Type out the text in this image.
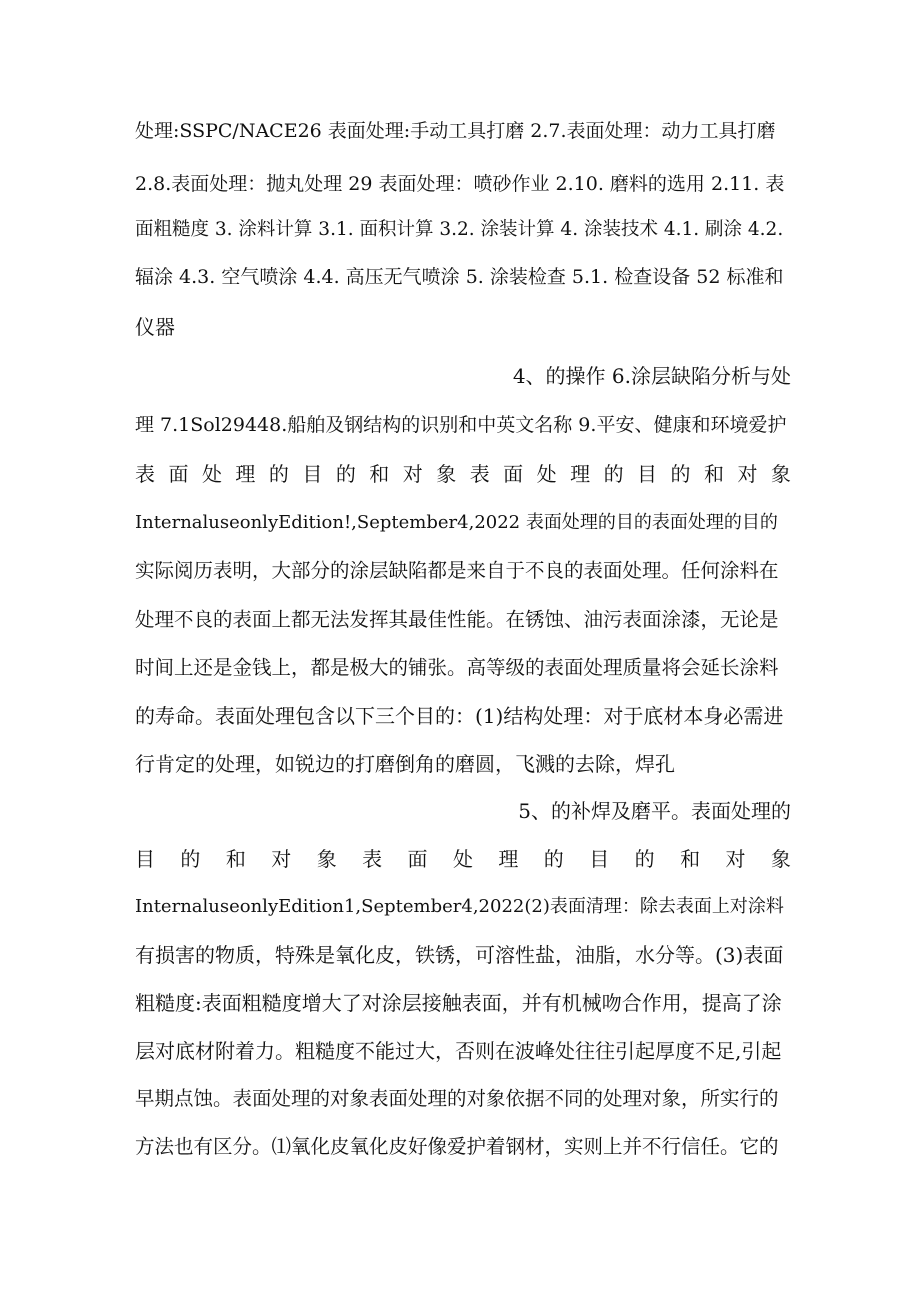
处理:SSPC/NACE26 表面处理:手动工具打磨 2.7.表面处理：动力工具打磨
2.8.表面处理：抛丸处理 29 表面处理：喷砂作业 2.10. 磨料的选用 2.11. 表
面粗糙度 3. 涂料计算 3.1. 面积计算 3.2. 涂装计算 4. 涂装技术 4.1. 刷涂 4.2.
辐涂 4.3. 空气喷涂 4.4. 高压无气喷涂 5. 涂装检查 5.1. 检查设备 52 标准和
仪器
4、的操作 6.涂层缺陷分析与处
理 7.1Sol29448.船舶及钢结构的识别和中英文名称 9.平安、健康和环境爱护
表 面 处 理 的 目 的 和 对 象 表 面 处 理 的 目 的 和 对 象
InternaluseonlyEdition!,September4,2022 表面处理的目的表面处理的目的
实际阅历表明，大部分的涂层缺陷都是来自于不良的表面处理。任何涂料在
处理不良的表面上都无法发挥其最佳性能。在锈蚀、油污表面涂漆，无论是
时间上还是金钱上，都是极大的铺张。高等级的表面处理质量将会延长涂料
的寿命。表面处理包含以下三个目的：(1)结构处理：对于底材本身必需进
行肯定的处理，如锐边的打磨倒角的磨圆，飞溅的去除，焊孔
5、的补焊及磨平。表面处理的
目 的 和 对 象 表 面 处 理 的 目 的 和 对 象
InternaluseonlyEdition1,September4,2022(2)表面清理：除去表面上对涂料
有损害的物质，特殊是氧化皮，铁锈，可溶性盐，油脂，水分等。(3)表面
粗糙度:表面粗糙度增大了对涂层接触表面，并有机械吻合作用，提高了涂
层对底材附着力。粗糙度不能过大，否则在波峰处往往引起厚度不足,引起
早期点蚀。表面处理的对象表面处理的对象依据不同的处理对象，所实行的
方法也有区分。⑴氧化皮氧化皮好像爱护着钢材，实则上并不行信任。它的
